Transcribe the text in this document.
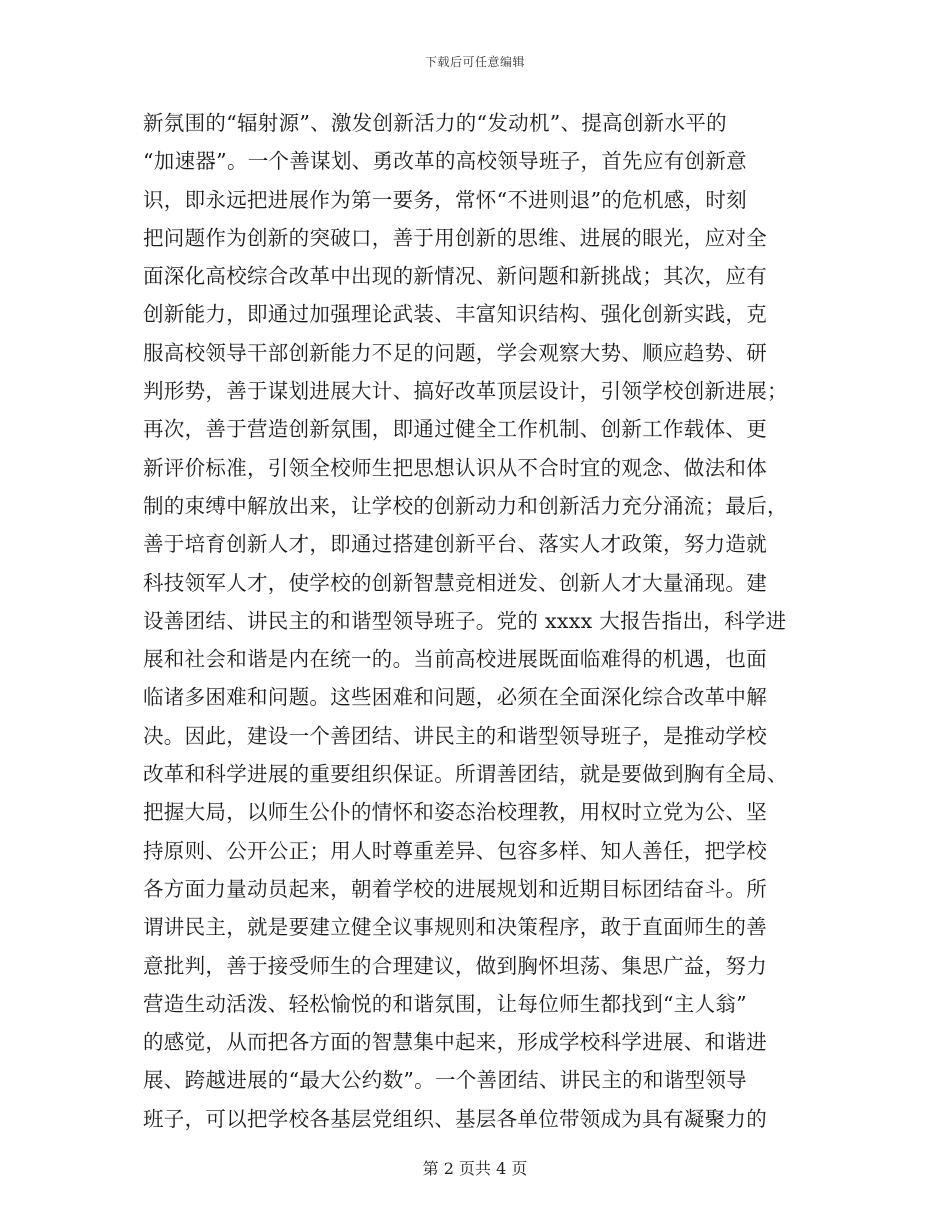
下载后可任意编辑
新氛围的“辐射源”、激发创新活力的“发动机”、提高创新水平的
“加速器”。一个善谋划、勇改革的高校领导班子，首先应有创新意
识，即永远把进展作为第一要务，常怀“不进则退”的危机感，时刻
把问题作为创新的突破口，善于用创新的思维、进展的眼光，应对全
面深化高校综合改革中出现的新情况、新问题和新挑战；其次，应有
创新能力，即通过加强理论武装、丰富知识结构、强化创新实践，克
服高校领导干部创新能力不足的问题，学会观察大势、顺应趋势、研
判形势，善于谋划进展大计、搞好改革顶层设计，引领学校创新进展；
再次，善于营造创新氛围，即通过健全工作机制、创新工作载体、更
新评价标准，引领全校师生把思想认识从不合时宜的观念、做法和体
制的束缚中解放出来，让学校的创新动力和创新活力充分涌流；最后，
善于培育创新人才，即通过搭建创新平台、落实人才政策，努力造就
科技领军人才，使学校的创新智慧竞相迸发、创新人才大量涌现。建
设善团结、讲民主的和谐型领导班子。党的 xxxx 大报告指出，科学进
展和社会和谐是内在统一的。当前高校进展既面临难得的机遇，也面
临诸多困难和问题。这些困难和问题，必须在全面深化综合改革中解
决。因此，建设一个善团结、讲民主的和谐型领导班子，是推动学校
改革和科学进展的重要组织保证。所谓善团结，就是要做到胸有全局、
把握大局，以师生公仆的情怀和姿态治校理教，用权时立党为公、坚
持原则、公开公正；用人时尊重差异、包容多样、知人善任，把学校
各方面力量动员起来，朝着学校的进展规划和近期目标团结奋斗。所
谓讲民主，就是要建立健全议事规则和决策程序，敢于直面师生的善
意批判，善于接受师生的合理建议，做到胸怀坦荡、集思广益，努力
营造生动活泼、轻松愉悦的和谐氛围，让每位师生都找到“主人翁”
的感觉，从而把各方面的智慧集中起来，形成学校科学进展、和谐进
展、跨越进展的“最大公约数”。一个善团结、讲民主的和谐型领导
班子，可以把学校各基层党组织、基层各单位带领成为具有凝聚力的
第 2 页共 4 页
